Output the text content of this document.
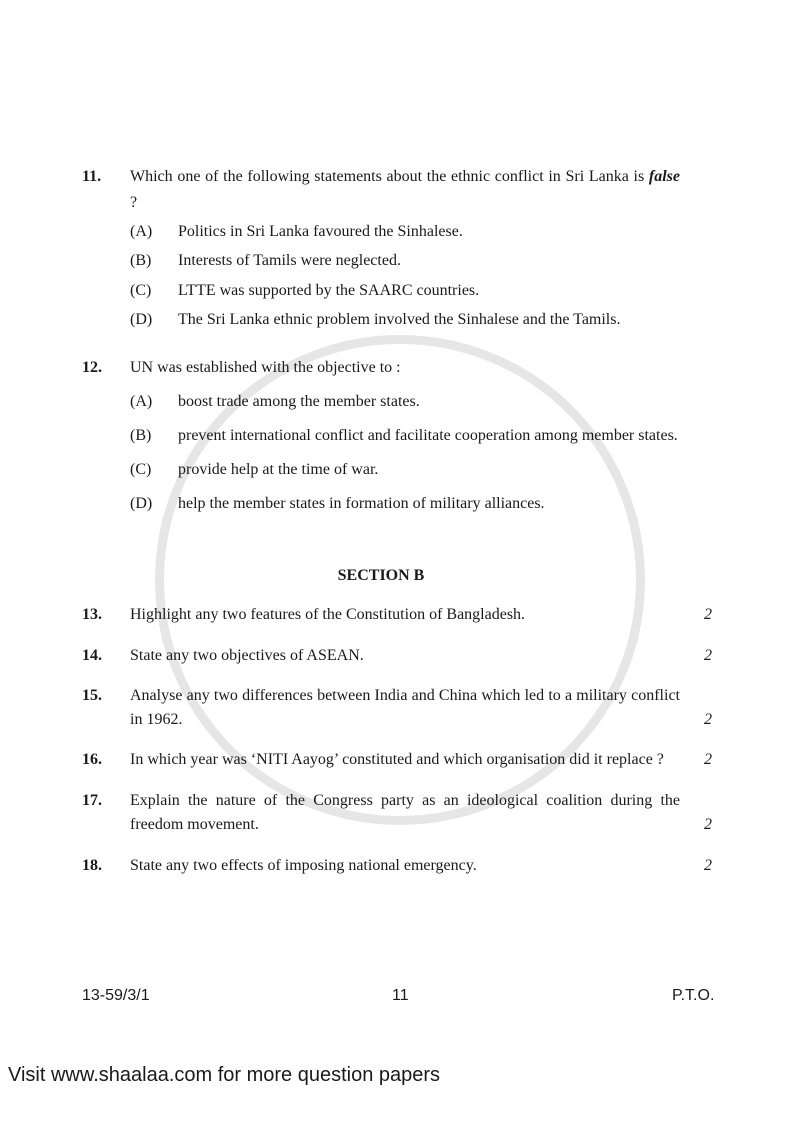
11.	Which one of the following statements about the ethnic conflict in Sri Lanka is false ?
(A)	Politics in Sri Lanka favoured the Sinhalese.
(B)	Interests of Tamils were neglected.
(C)	LTTE was supported by the SAARC countries.
(D)	The Sri Lanka ethnic problem involved the Sinhalese and the Tamils.
12.	UN was established with the objective to :
(A)	boost trade among the member states.
(B)	prevent international conflict and facilitate cooperation among member states.
(C)	provide help at the time of war.
(D)	help the member states in formation of military alliances.
SECTION B
13.	Highlight any two features of the Constitution of Bangladesh.	2
14.	State any two objectives of ASEAN.	2
15.	Analyse any two differences between India and China which led to a military conflict in 1962.	2
16.	In which year was ‘NITI Aayog’ constituted and which organisation did it replace ?	2
17.	Explain the nature of the Congress party as an ideological coalition during the freedom movement.	2
18.	State any two effects of imposing national emergency.	2
13-59/3/1	11	P.T.O.
Visit www.shaalaa.com for more question papers
